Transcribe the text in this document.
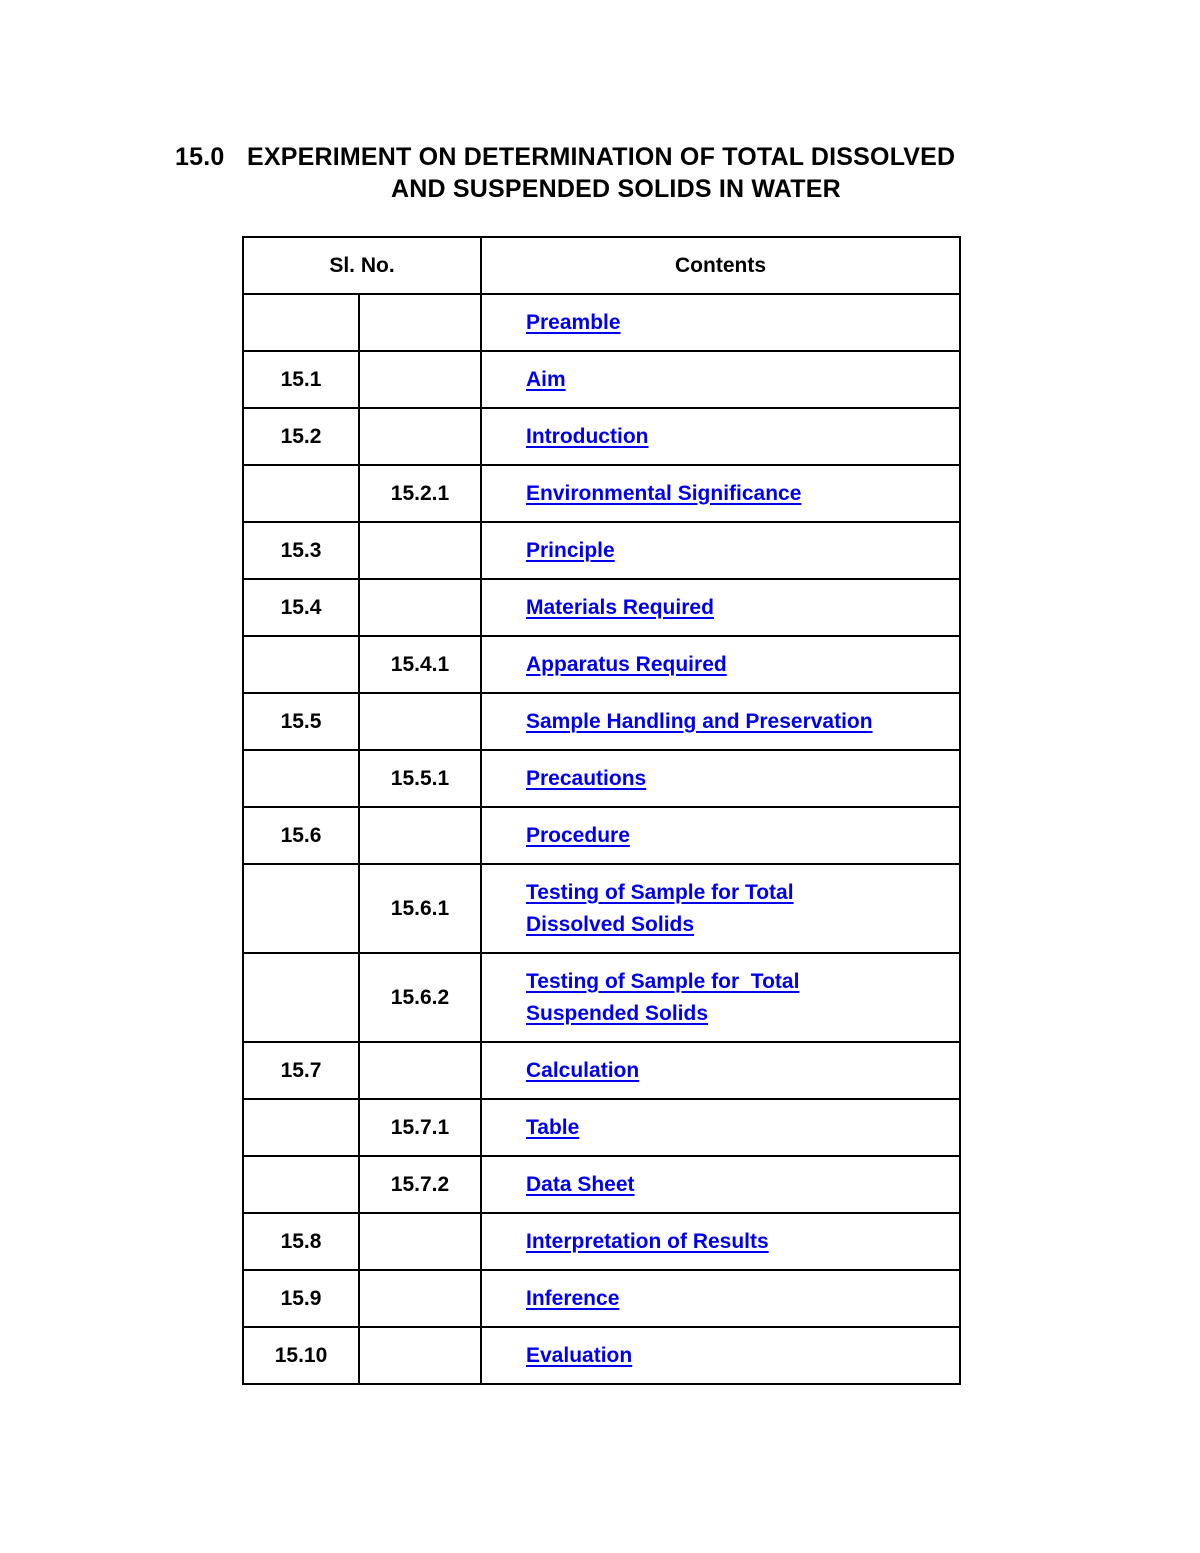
15.0 EXPERIMENT ON DETERMINATION OF TOTAL DISSOLVED
AND SUSPENDED SOLIDS IN WATER
Sl. No.		Contents
		Preamble
15.1		Aim
15.2		Introduction
	15.2.1	Environmental Significance
15.3		Principle
15.4		Materials Required
	15.4.1	Apparatus Required
15.5		Sample Handling and Preservation
	15.5.1	Precautions
15.6		Procedure
	15.6.1	Testing of Sample for Total
Dissolved Solids
	15.6.2	Testing of Sample for  Total
Suspended Solids
15.7		Calculation
	15.7.1	Table
	15.7.2	Data Sheet
15.8		Interpretation of Results
15.9		Inference
15.10		Evaluation
